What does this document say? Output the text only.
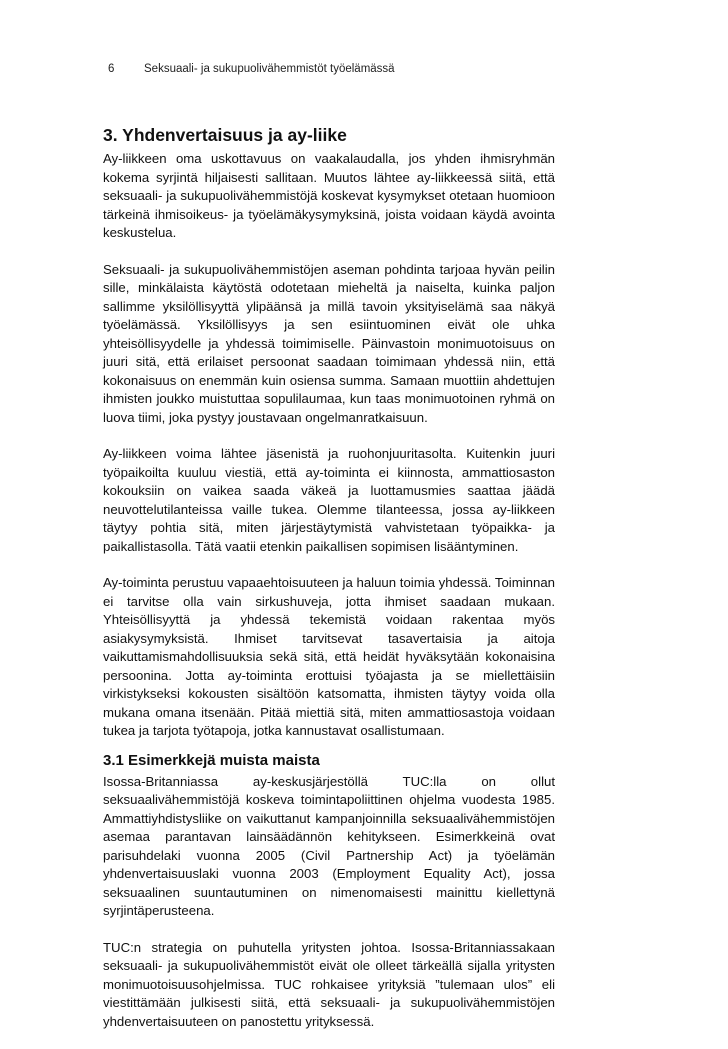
6	Seksuaali- ja sukupuolivähemmistöt työelämässä
3. Yhdenvertaisuus ja ay-liike

Ay-liikkeen oma uskottavuus on vaakalaudalla, jos yhden ihmisryhmän kokema syrjintä hiljaisesti sallitaan. Muutos lähtee ay-liikkeessä siitä, että seksuaali- ja sukupuolivähemmistöjä koskevat kysymykset otetaan huomioon tärkeinä ihmisoikeus- ja työelämäkysymyksinä, joista voidaan käydä avointa keskustelua.

Seksuaali- ja sukupuolivähemmistöjen aseman pohdinta tarjoaa hyvän peilin sille, minkälaista käytöstä odotetaan mieheltä ja naiselta, kuinka paljon sallimme yksilöllisyyttä ylipäänsä ja millä tavoin yksityiselämä saa näkyä työelämässä. Yksilöllisyys ja sen esiintuominen eivät ole uhka yhteisöllisyydelle ja yhdessä toimimiselle. Päinvastoin monimuotoisuus on juuri sitä, että erilaiset persoonat saadaan toimimaan yhdessä niin, että kokonaisuus on enemmän kuin osiensa summa. Samaan muottiin ahdettujen ihmisten joukko muistuttaa sopulilaumaa, kun taas monimuotoinen ryhmä on luova tiimi, joka pystyy joustavaan ongelmanratkaisuun.

Ay-liikkeen voima lähtee jäsenistä ja ruohonjuuritasolta. Kuitenkin juuri työpaikoilta kuuluu viestiä, että ay-toiminta ei kiinnosta, ammattiosaston kokouksiin on vaikea saada väkeä ja luottamusmies saattaa jäädä neuvottelutilanteissa vaille tukea. Olemme tilanteessa, jossa ay-liikkeen täytyy pohtia sitä, miten järjestäytymistä vahvistetaan työpaikka- ja paikallistasolla. Tätä vaatii etenkin paikallisen sopimisen lisääntyminen.

Ay-toiminta perustuu vapaaehtoisuuteen ja haluun toimia yhdessä. Toiminnan ei tarvitse olla vain sirkushuveja, jotta ihmiset saadaan mukaan. Yhteisöllisyyttä ja yhdessä tekemistä voidaan rakentaa myös asiakysymyksistä. Ihmiset tarvitsevat tasavertaisia ja aitoja vaikuttamismahdollisuuksia sekä sitä, että heidät hyväksytään kokonaisina persoonina. Jotta ay-toiminta erottuisi työajasta ja se miellettäisiin virkistykseksi kokousten sisältöön katsomatta, ihmisten täytyy voida olla mukana omana itsenään. Pitää miettiä sitä, miten ammattiosastoja voidaan tukea ja tarjota työtapoja, jotka kannustavat osallistumaan.

3.1 Esimerkkejä muista maista

Isossa-Britanniassa ay-keskusjärjestöllä TUC:lla on ollut seksuaalivähemmistöjä koskeva toimintapoliittinen ohjelma vuodesta 1985. Ammattiyhdistysliike on vaikuttanut kampanjoinnilla seksuaalivähemmistöjen asemaa parantavan lainsäädännön kehitykseen. Esimerkkeinä ovat parisuhdelaki vuonna 2005 (Civil Partnership Act) ja työelämän yhdenvertaisuuslaki vuonna 2003 (Employment Equality Act), jossa seksuaalinen suuntautuminen on nimenomaisesti mainittu kiellettynä syrjintäperusteena.

TUC:n strategia on puhutella yritysten johtoa. Isossa-Britanniassakaan seksuaali- ja sukupuolivähemmistöt eivät ole olleet tärkeällä sijalla yritysten monimuotoisuusohjelmissa. TUC rohkaisee yrityksiä ”tulemaan ulos” eli viestittämään julkisesti siitä, että seksuaali- ja sukupuolivähemmistöjen yhdenvertaisuuteen on panostettu yrityksessä.
